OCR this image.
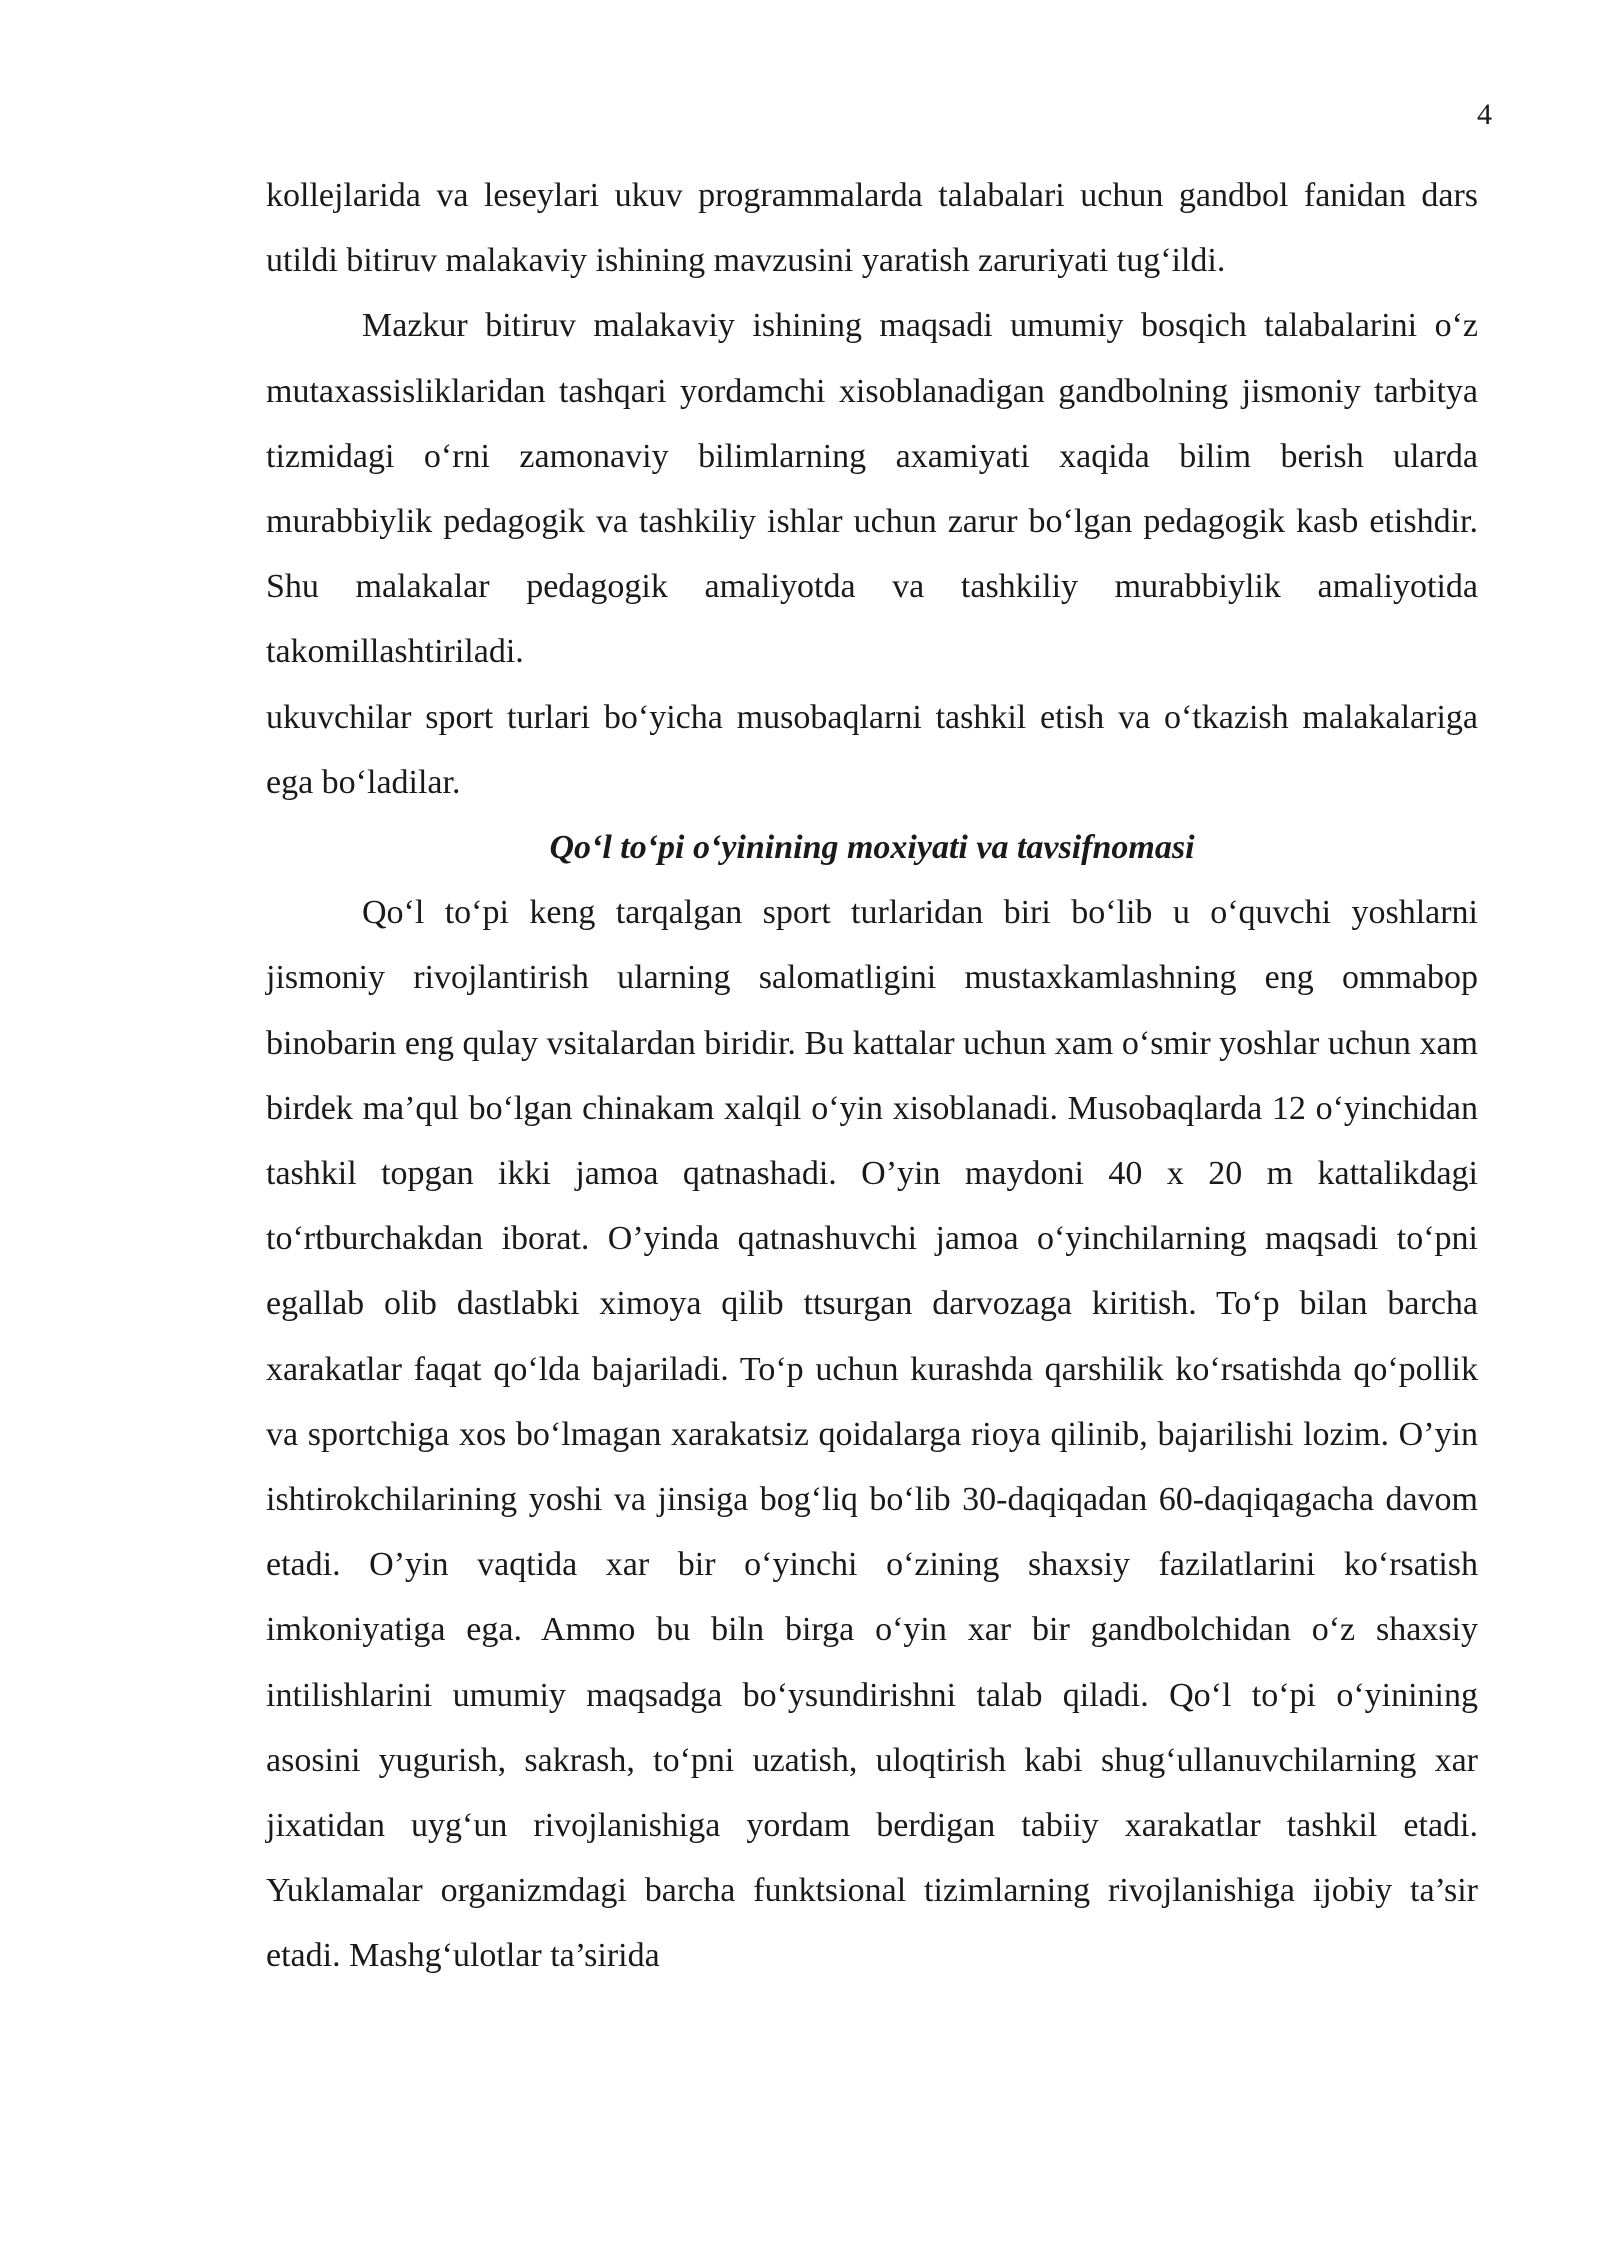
4

kollejlarida va leseylari ukuv programmalarda talabalari uchun gandbol fanidan dars utildi bitiruv malakaviy ishining mavzusini yaratish zaruriyati tug‘ildi.

Mazkur bitiruv malakaviy ishining maqsadi umumiy bosqich talabalarini o‘z mutaxassisliklaridan tashqari yordamchi xisoblanadigan gandbolning jismoniy tarbitya tizmidagi o‘rni zamonaviy bilimlarning axamiyati xaqida bilim berish ularda murabbiylik pedagogik va tashkiliy ishlar uchun zarur bo‘lgan pedagogik kasb etishdir. Shu malakalar pedagogik amaliyotda va tashkiliy murabbiylik amaliyotida takomillashtiriladi.

ukuvchilar sport turlari bo‘yicha musobaqlarni tashkil etish va o‘tkazish malakalariga ega bo‘ladilar.

Qo‘l to‘pi o‘yinining moxiyati va tavsifnomasi

Qo‘l to‘pi keng tarqalgan sport turlaridan biri bo‘lib u o‘quvchi yoshlarni jismoniy rivojlantirish ularning salomatligini mustaxkamlashning eng ommabop binobarin eng qulay vsitalardan biridir. Bu kattalar uchun xam o‘smir yoshlar uchun xam birdek ma’qul bo‘lgan chinakam xalqil o‘yin xisoblanadi. Musobaqlarda 12 o‘yinchidan tashkil topgan ikki jamoa qatnashadi. O’yin maydoni 40 x 20 m kattalikdagi to‘rtburchakdan iborat. O’yinda qatnashuvchi jamoa o‘yinchilarning maqsadi to‘pni egallab olib dastlabki ximoya qilib ttsurgan darvozaga kiritish. To‘p bilan barcha xarakatlar faqat qo‘lda bajariladi. To‘p uchun kurashda qarshilik ko‘rsatishda qo‘pollik va sportchiga xos bo‘lmagan xarakatsiz qoidalarga rioya qilinib, bajarilishi lozim. O’yin ishtirokchilarining yoshi va jinsiga bog‘liq bo‘lib 30-daqiqadan 60-daqiqagacha davom etadi. O’yin vaqtida xar bir o‘yinchi o‘zining shaxsiy fazilatlarini ko‘rsatish imkoniyatiga ega. Ammo bu biln birga o‘yin xar bir gandbolchidan o‘z shaxsiy intilishlarini umumiy maqsadga bo‘ysundirishni talab qiladi. Qo‘l to‘pi o‘yinining asosini yugurish, sakrash, to‘pni uzatish, uloqtirish kabi shug‘ullanuvchilarning xar jixatidan uyg‘un rivojlanishiga yordam berdigan tabiiy xarakatlar tashkil etadi. Yuklamalar organizmdagi barcha funktsional tizimlarning rivojlanishiga ijobiy ta’sir etadi. Mashg‘ulotlar ta’sirida
